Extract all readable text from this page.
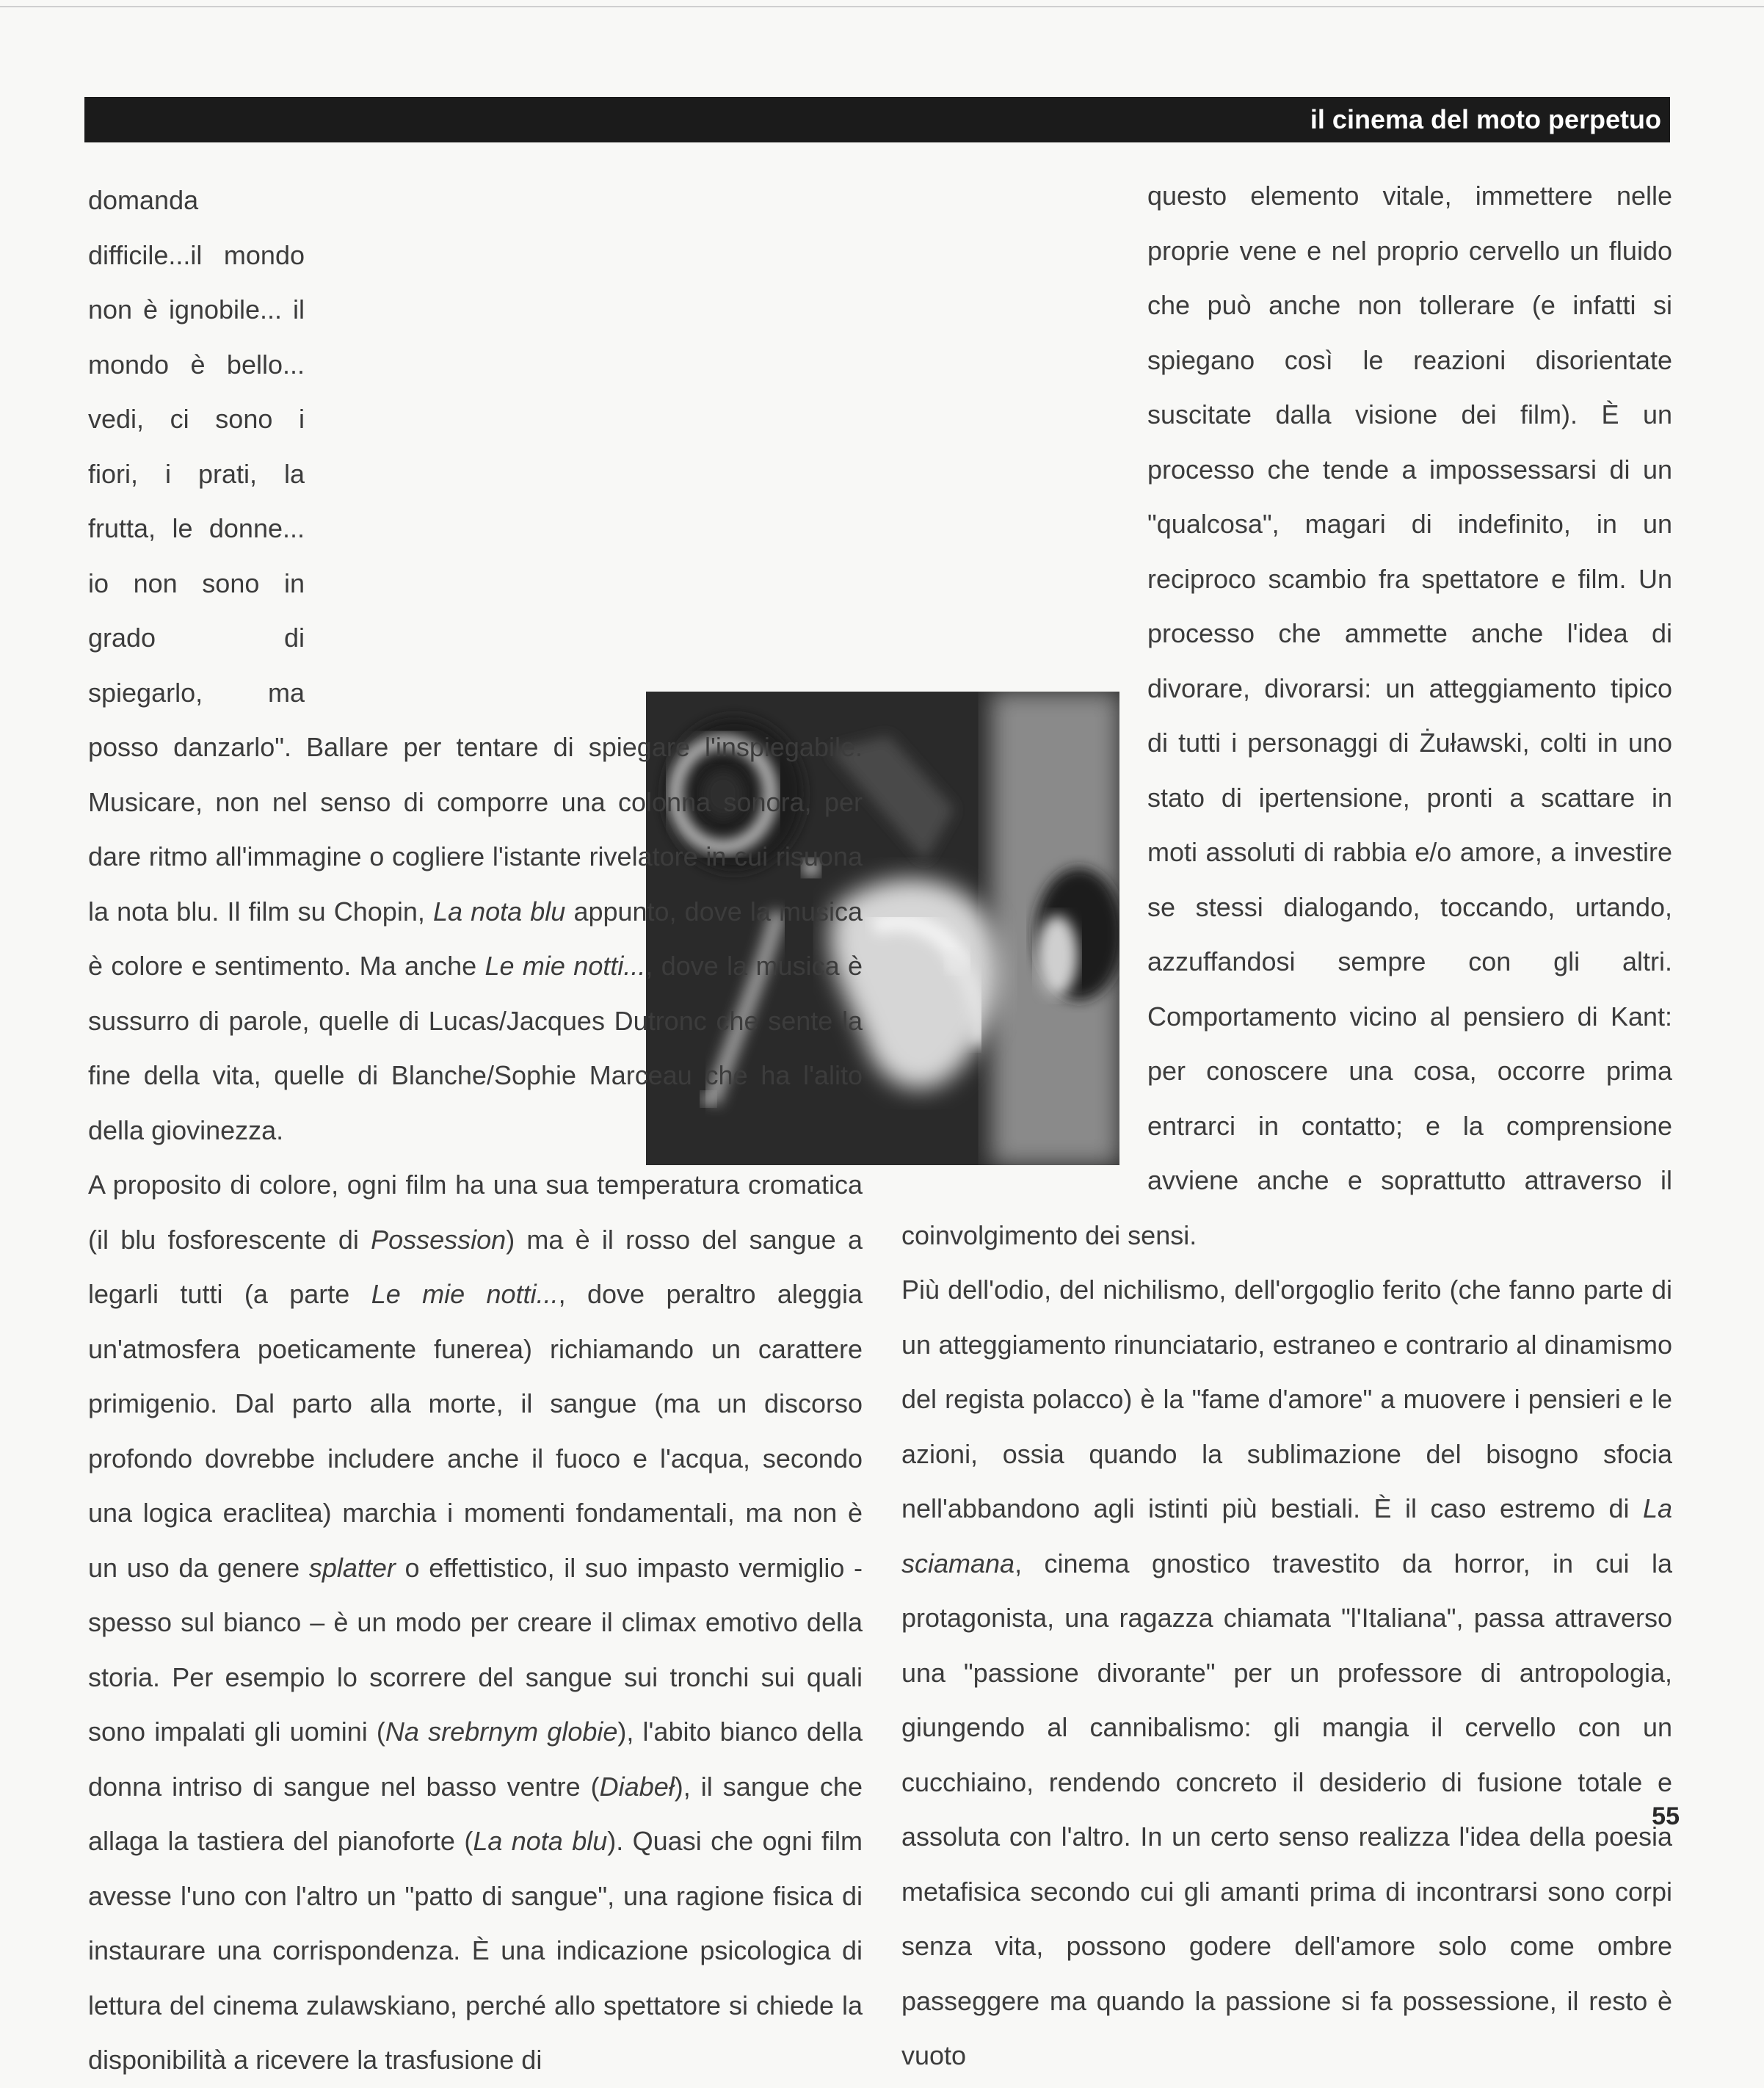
il cinema del moto perpetuo

domanda difficile...il mondo non è ignobile... il mondo è bello... vedi, ci sono i fiori, i prati, la frutta, le donne... io non sono in grado di spiegarlo, ma posso danzarlo". Ballare per tentare di spiegare l'inspiegabile. Musicare, non nel senso di comporre una colonna sonora, per dare ritmo all'immagine o cogliere l'istante rivelatore in cui risuona la nota blu. Il film su Chopin, La nota blu appunto, dove la musica è colore e sentimento. Ma anche Le mie notti..., dove la musica è sussurro di parole, quelle di Lucas/Jacques Dutronc che sente la fine della vita, quelle di Blanche/Sophie Marceau che ha l'alito della giovinezza.

A proposito di colore, ogni film ha una sua temperatura cromatica (il blu fosforescente di Possession) ma è il rosso del sangue a legarli tutti (a parte Le mie notti..., dove peraltro aleggia un'atmosfera poeticamente funerea) richiamando un carattere primigenio. Dal parto alla morte, il sangue (ma un discorso profondo dovrebbe includere anche il fuoco e l'acqua, secondo una logica eraclitea) marchia i momenti fondamentali, ma non è un uso da genere splatter o effettistico, il suo impasto vermiglio - spesso sul bianco – è un modo per creare il climax emotivo della storia. Per esempio lo scorrere del sangue sui tronchi sui quali sono impalati gli uomini (Na srebrnym globie), l'abito bianco della donna intriso di sangue nel basso ventre (Diabeł), il sangue che allaga la tastiera del pianoforte (La nota blu). Quasi che ogni film avesse l'uno con l'altro un "patto di sangue", una ragione fisica di instaurare una corrispondenza. È una indicazione psicologica di lettura del cinema zulawskiano, perché allo spettatore si chiede la disponibilità a ricevere la trasfusione di

questo elemento vitale, immettere nelle proprie vene e nel proprio cervello un fluido che può anche non tollerare (e infatti si spiegano così le reazioni disorientate suscitate dalla visione dei film). È un processo che tende a impossessarsi di un "qualcosa", magari di indefinito, in un reciproco scambio fra spettatore e film. Un processo che ammette anche l'idea di divorare, divorarsi: un atteggiamento tipico di tutti i personaggi di Żuławski, colti in uno stato di ipertensione, pronti a scattare in moti assoluti di rabbia e/o amore, a investire se stessi dialogando, toccando, urtando, azzuffandosi sempre con gli altri. Comportamento vicino al pensiero di Kant: per conoscere una cosa, occorre prima entrarci in contatto; e la comprensione avviene anche e soprattutto attraverso il coinvolgimento dei sensi.

Più dell'odio, del nichilismo, dell'orgoglio ferito (che fanno parte di un atteggiamento rinunciatario, estraneo e contrario al dinamismo del regista polacco) è la "fame d'amore" a muovere i pensieri e le azioni, ossia quando la sublimazione del bisogno sfocia nell'abbandono agli istinti più bestiali. È il caso estremo di La sciamana, cinema gnostico travestito da horror, in cui la protagonista, una ragazza chiamata "l'Italiana", passa attraverso una "passione divorante" per un professore di antropologia, giungendo al cannibalismo: gli mangia il cervello con un cucchiaino, rendendo concreto il desiderio di fusione totale e assoluta con l'altro. In un certo senso realizza l'idea della poesia metafisica secondo cui gli amanti prima di incontrarsi sono corpi senza vita, possono godere dell'amore solo come ombre passeggere ma quando la passione si fa possessione, il resto è vuoto

55
